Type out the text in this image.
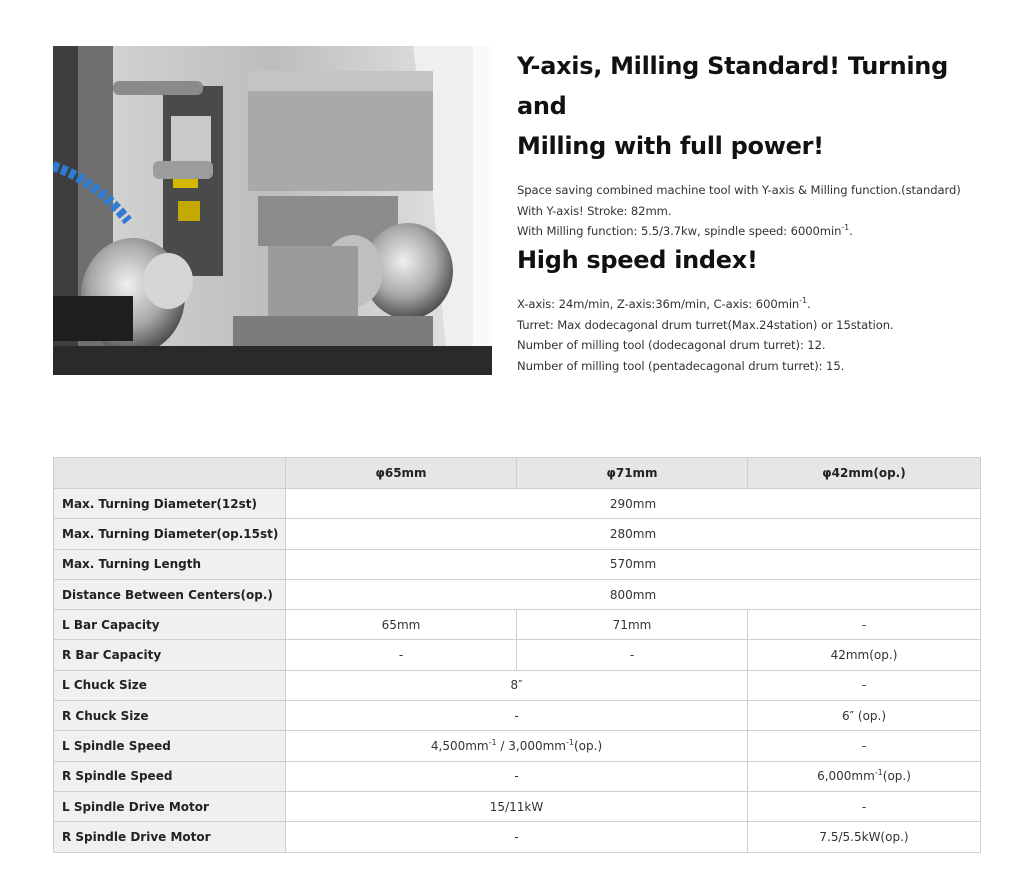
Y-axis, Milling Standard! Turning and
Milling with full power!

Space saving combined machine tool with Y-axis & Milling function.(standard)

With Y-axis! Stroke: 82mm.

With Milling function: 5.5/3.7kw, spindle speed: $6000\min^{-1}$.

High speed index!

X-axis: 24m/min, Z-axis:36m/min, C-axis: $600\min^{-1}$.

Turret: Max dodecagonal drum turret(Max.24station) or 15station.

Number of milling tool (dodecagonal drum turret): 12.

Number of milling tool (pentadecagonal drum turret): 15.

	φ65mm	φ71mm	φ42mm(op.)
Max. Turning Diameter(12st)	290mm		
Max. Turning Diameter(op.15st)	280mm		
Max. Turning Length	570mm		
Distance Between Centers(op.)	800mm		
L Bar Capacity	65mm	71mm	-
R Bar Capacity	-	-	42mm(op.)
L Chuck Size	8″		-
R Chuck Size	-		6″ (op.)
L Spindle Speed	$4,500mm^{-1} / 3,000mm^{-1}(op.)$		-
R Spindle Speed	-		$6,000mm^{-1}(op.)$
L Spindle Drive Motor	15/11kW		-
R Spindle Drive Motor	-		7.5/5.5kW(op.)
